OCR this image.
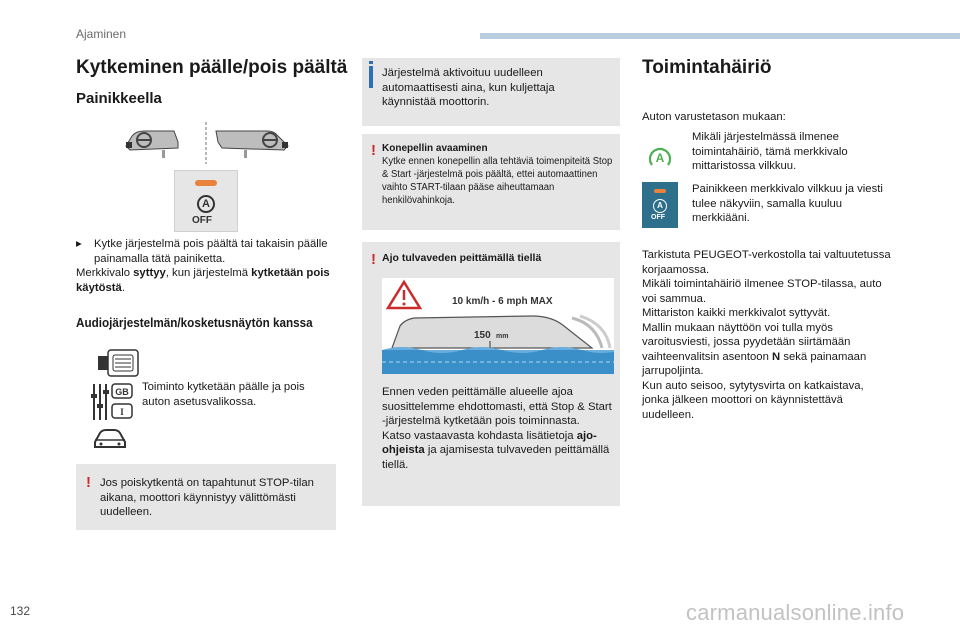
Ajaminen
132	carmanualsonline.info
Kytkeminen päälle/pois päältä
Painikkeella
A
OFF
▸	Kytke järjestelmä pois päältä tai takaisin päälle painamalla tätä painiketta.
Merkkivalo syttyy, kun järjestelmä kytketään pois käytöstä.
Audiojärjestelmän/kosketusnäytön kanssa
GB
I
Toiminto kytketään päälle ja pois auton asetusvalikossa.
! Jos poiskytkentä on tapahtunut STOP-tilan aikana, moottori käynnistyy välittömästi uudelleen.
Järjestelmä aktivoituu uudelleen automaattisesti aina, kun kuljettaja käynnistää moottorin.
! Konepellin avaaminen
Kytke ennen konepellin alla tehtäviä toimenpiteitä Stop & Start -järjestelmä pois päältä, ettei automaattinen vaihto START-tilaan pääse aiheuttamaan henkilövahinkoja.
! Ajo tulvaveden peittämällä tiellä
10 km/h - 6 mph MAX
150 mm
Ennen veden peittämälle alueelle ajoa suosittelemme ehdottomasti, että Stop & Start -järjestelmä kytketään pois toiminnasta.
Katso vastaavasta kohdasta lisätietoja ajo-ohjeista ja ajamisesta tulvaveden peittämällä tiellä.
Toimintahäiriö
Auton varustetason mukaan:
A
Mikäli järjestelmässä ilmenee toimintahäiriö, tämä merkkivalo mittaristossa vilkkuu.
A
OFF
Painikkeen merkkivalo vilkkuu ja viesti tulee näkyviin, samalla kuuluu merkkiääni.
Tarkistuta PEUGEOT-verkostolla tai valtuutetussa korjaamossa.
Mikäli toimintahäiriö ilmenee STOP-tilassa, auto voi sammua.
Mittariston kaikki merkkivalot syttyvät.
Mallin mukaan näyttöön voi tulla myös varoitusviesti, jossa pyydetään siirtämään vaihteenvalitsin asentoon N sekä painamaan jarrupoljinta.
Kun auto seisoo, sytytysvirta on katkaistava, jonka jälkeen moottori on käynnistettävä uudelleen.
